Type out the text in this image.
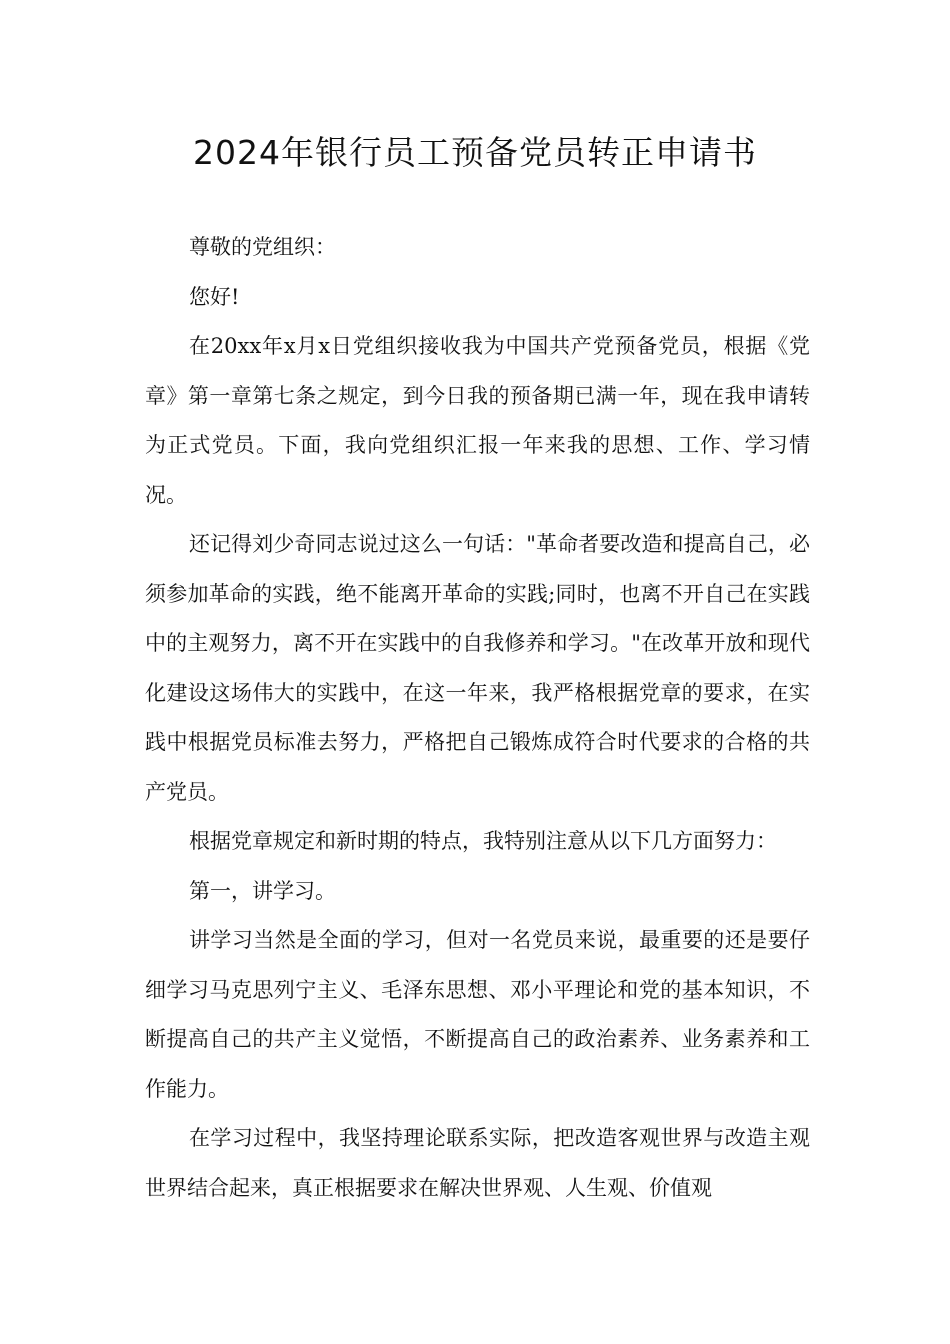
2024年银行员工预备党员转正申请书

尊敬的党组织：

您好!

在20xx年x月x日党组织接收我为中国共产党预备党员，根据《党章》第一章第七条之规定，到今日我的预备期已满一年，现在我申请转为正式党员。下面，我向党组织汇报一年来我的思想、工作、学习情况。

还记得刘少奇同志说过这么一句话："革命者要改造和提高自己，必须参加革命的实践，绝不能离开革命的实践;同时，也离不开自己在实践中的主观努力，离不开在实践中的自我修养和学习。"在改革开放和现代化建设这场伟大的实践中，在这一年来，我严格根据党章的要求，在实践中根据党员标准去努力，严格把自己锻炼成符合时代要求的合格的共产党员。

根据党章规定和新时期的特点，我特别注意从以下几方面努力：

第一，讲学习。

讲学习当然是全面的学习，但对一名党员来说，最重要的还是要仔细学习马克思列宁主义、毛泽东思想、邓小平理论和党的基本知识，不断提高自己的共产主义觉悟，不断提高自己的政治素养、业务素养和工作能力。

在学习过程中，我坚持理论联系实际，把改造客观世界与改造主观世界结合起来，真正根据要求在解决世界观、人生观、价值观
